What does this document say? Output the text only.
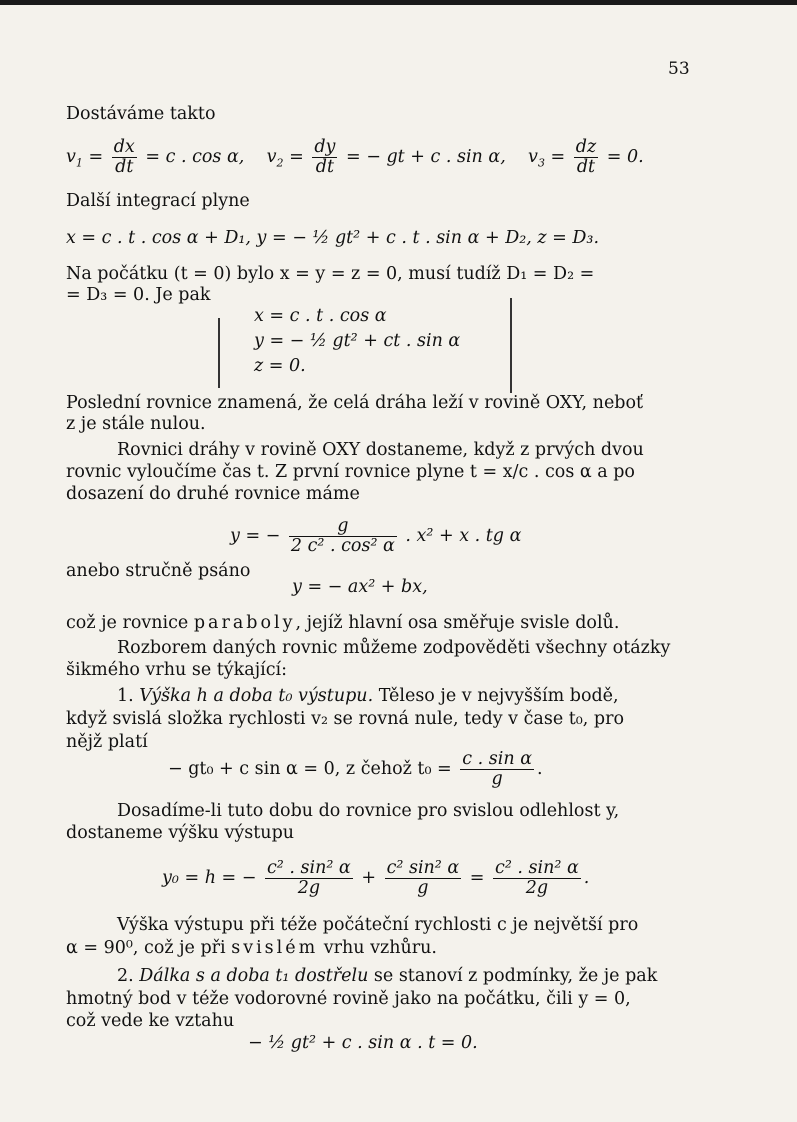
53
Dostáváme takto
$v_1 = \frac{dx}{dt} = c$ . cos α, $v_2 = \frac{dy}{dt}$ = − gt + c . sin α, $v_3 = \frac{dz}{dt} = 0$.
Další integrací plyne
x = c . t . cos α + D₁, y = − ½ gt² + c . t . sin α + D₂, z = D₃.
Na počátku (t = 0) bylo x = y = z = 0, musí tudíž D₁ = D₂ =
= D₃ = 0. Je pak
x = c . t . cos α
y = − ½ gt² + ct . sin α
z = 0.
Poslední rovnice znamená, že celá dráha leží v rovině OXY, neboť
z je stále nulou.
Rovnici dráhy v rovině OXY dostaneme, když z prvých dvou
rovnic vyloučíme čas t. Z první rovnice plyne t = x/c . cos α a po
dosazení do druhé rovnice máme
y = − $\frac{g}{\text{2 c² . cos² α}}$ . x² + x . tg α
anebo stručně psáno
y = − ax² + bx,
což je rovnice paraboly, jejíž hlavní osa směřuje svisle dolů.
Rozborem daných rovnic můžeme zodpověděti všechny otázky
šikmého vrhu se týkající:
1. Výška h a doba t₀ výstupu. Těleso je v nejvyšším bodě,
když svislá složka rychlosti v₂ se rovná nule, tedy v čase t₀, pro
nějž platí
− gt₀ + c sin α = 0, z čehož $t_0 = \frac{\text{c . sin α}}{g}$ .
Dosadíme-li tuto dobu do rovnice pro svislou odlehlost y,
dostaneme výšku výstupu
y₀ = h = − $\frac{\text{c² . sin² α}}{2g} + \frac{\text{c² sin² α}}{g} = \frac{\text{c² . sin² α}}{2g}$ .
Výška výstupu při téže počáteční rychlosti c je největší pro
α = 90⁰, což je při svislém vrhu vzhůru.
2. Dálka s a doba t₁ dostřelu se stanoví z podmínky, že je pak
hmotný bod v téže vodorovné rovině jako na počátku, čili y = 0,
což vede ke vztahu
− ½ gt² + c . sin α . t = 0.
